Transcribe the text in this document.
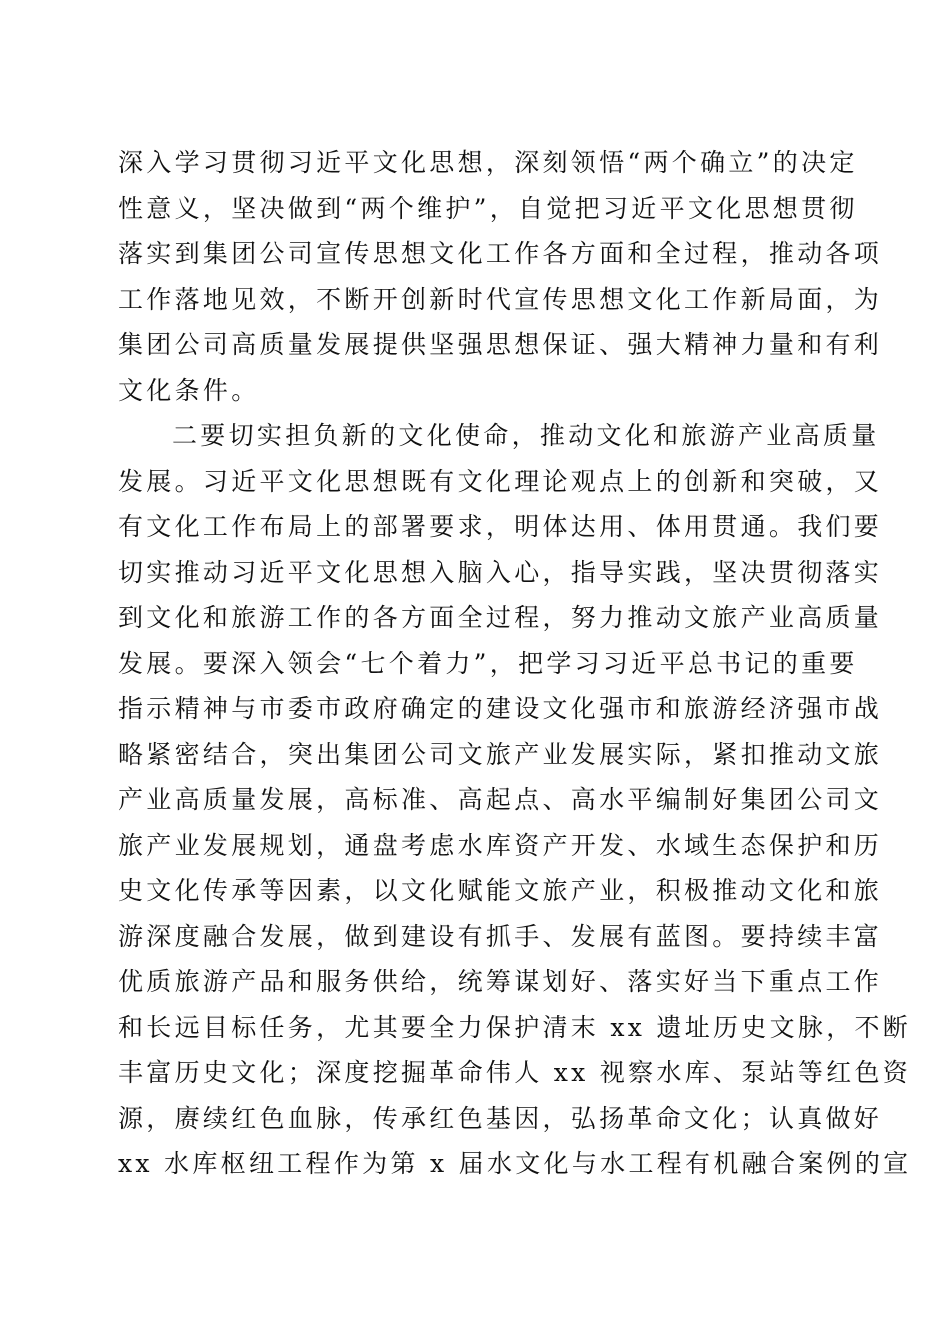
深入学习贯彻习近平文化思想，深刻领悟“两个确立”的决定
性意义，坚决做到“两个维护”，自觉把习近平文化思想贯彻
落实到集团公司宣传思想文化工作各方面和全过程，推动各项
工作落地见效，不断开创新时代宣传思想文化工作新局面，为
集团公司高质量发展提供坚强思想保证、强大精神力量和有利
文化条件。
二要切实担负新的文化使命，推动文化和旅游产业高质量
发展。习近平文化思想既有文化理论观点上的创新和突破，又
有文化工作布局上的部署要求，明体达用、体用贯通。我们要
切实推动习近平文化思想入脑入心，指导实践，坚决贯彻落实
到文化和旅游工作的各方面全过程，努力推动文旅产业高质量
发展。要深入领会“七个着力”，把学习习近平总书记的重要
指示精神与市委市政府确定的建设文化强市和旅游经济强市战
略紧密结合，突出集团公司文旅产业发展实际，紧扣推动文旅
产业高质量发展，高标准、高起点、高水平编制好集团公司文
旅产业发展规划，通盘考虑水库资产开发、水域生态保护和历
史文化传承等因素，以文化赋能文旅产业，积极推动文化和旅
游深度融合发展，做到建设有抓手、发展有蓝图。要持续丰富
优质旅游产品和服务供给，统筹谋划好、落实好当下重点工作
和长远目标任务，尤其要全力保护清末 xx 遗址历史文脉，不断
丰富历史文化；深度挖掘革命伟人 xx 视察水库、泵站等红色资
源，赓续红色血脉，传承红色基因，弘扬革命文化；认真做好
xx 水库枢纽工程作为第 x 届水文化与水工程有机融合案例的宣
